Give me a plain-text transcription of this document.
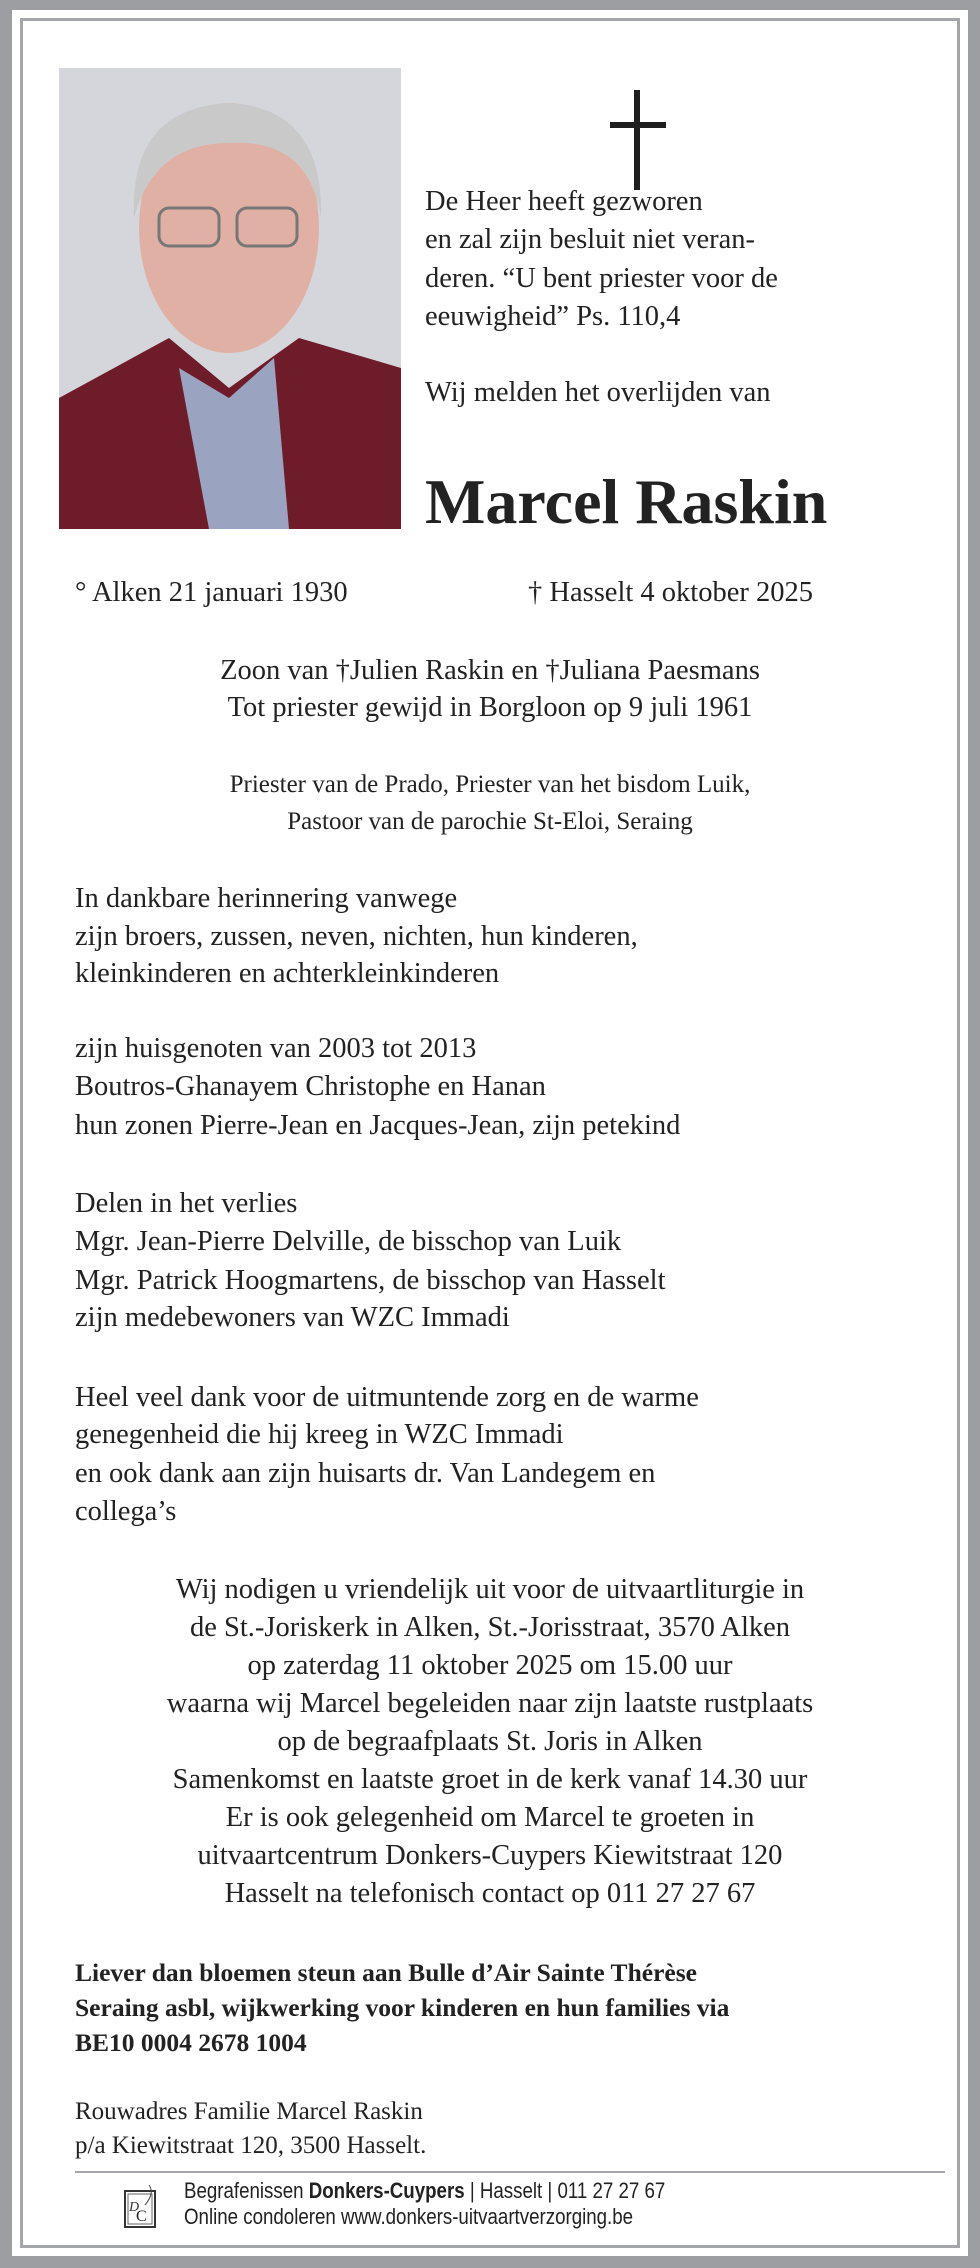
De Heer heeft gezworen
en zal zijn besluit niet veran-
deren. “U bent priester voor de
eeuwigheid” Ps. 110,4
Wij melden het overlijden van
Marcel Raskin
° Alken 21 januari 1930	† Hasselt 4 oktober 2025
Zoon van †Julien Raskin en †Juliana Paesmans
Tot priester gewijd in Borgloon op 9 juli 1961
Priester van de Prado, Priester van het bisdom Luik,
Pastoor van de parochie St-Eloi, Seraing
In dankbare herinnering vanwege
zijn broers, zussen, neven, nichten, hun kinderen,
kleinkinderen en achterkleinkinderen
zijn huisgenoten van 2003 tot 2013
Boutros-Ghanayem Christophe en Hanan
hun zonen Pierre-Jean en Jacques-Jean, zijn petekind
Delen in het verlies
Mgr. Jean-Pierre Delville, de bisschop van Luik
Mgr. Patrick Hoogmartens, de bisschop van Hasselt
zijn medebewoners van WZC Immadi
Heel veel dank voor de uitmuntende zorg en de warme
genegenheid die hij kreeg in WZC Immadi
en ook dank aan zijn huisarts dr. Van Landegem en
collega’s
Wij nodigen u vriendelijk uit voor de uitvaartliturgie in
de St.-Joriskerk in Alken, St.-Jorisstraat, 3570 Alken
op zaterdag 11 oktober 2025 om 15.00 uur
waarna wij Marcel begeleiden naar zijn laatste rustplaats
op de begraafplaats St. Joris in Alken
Samenkomst en laatste groet in de kerk vanaf 14.30 uur
Er is ook gelegenheid om Marcel te groeten in
uitvaartcentrum Donkers-Cuypers Kiewitstraat 120
Hasselt na telefonisch contact op 011 27 27 67
Liever dan bloemen steun aan Bulle d’Air Sainte Thérèse
Seraing asbl, wijkwerking voor kinderen en hun families via
BE10 0004 2678 1004
Rouwadres Familie Marcel Raskin
p/a Kiewitstraat 120, 3500 Hasselt.
D
C
Begrafenissen Donkers-Cuypers | Hasselt | 011 27 27 67
Online condoleren www.donkers-uitvaartverzorging.be
